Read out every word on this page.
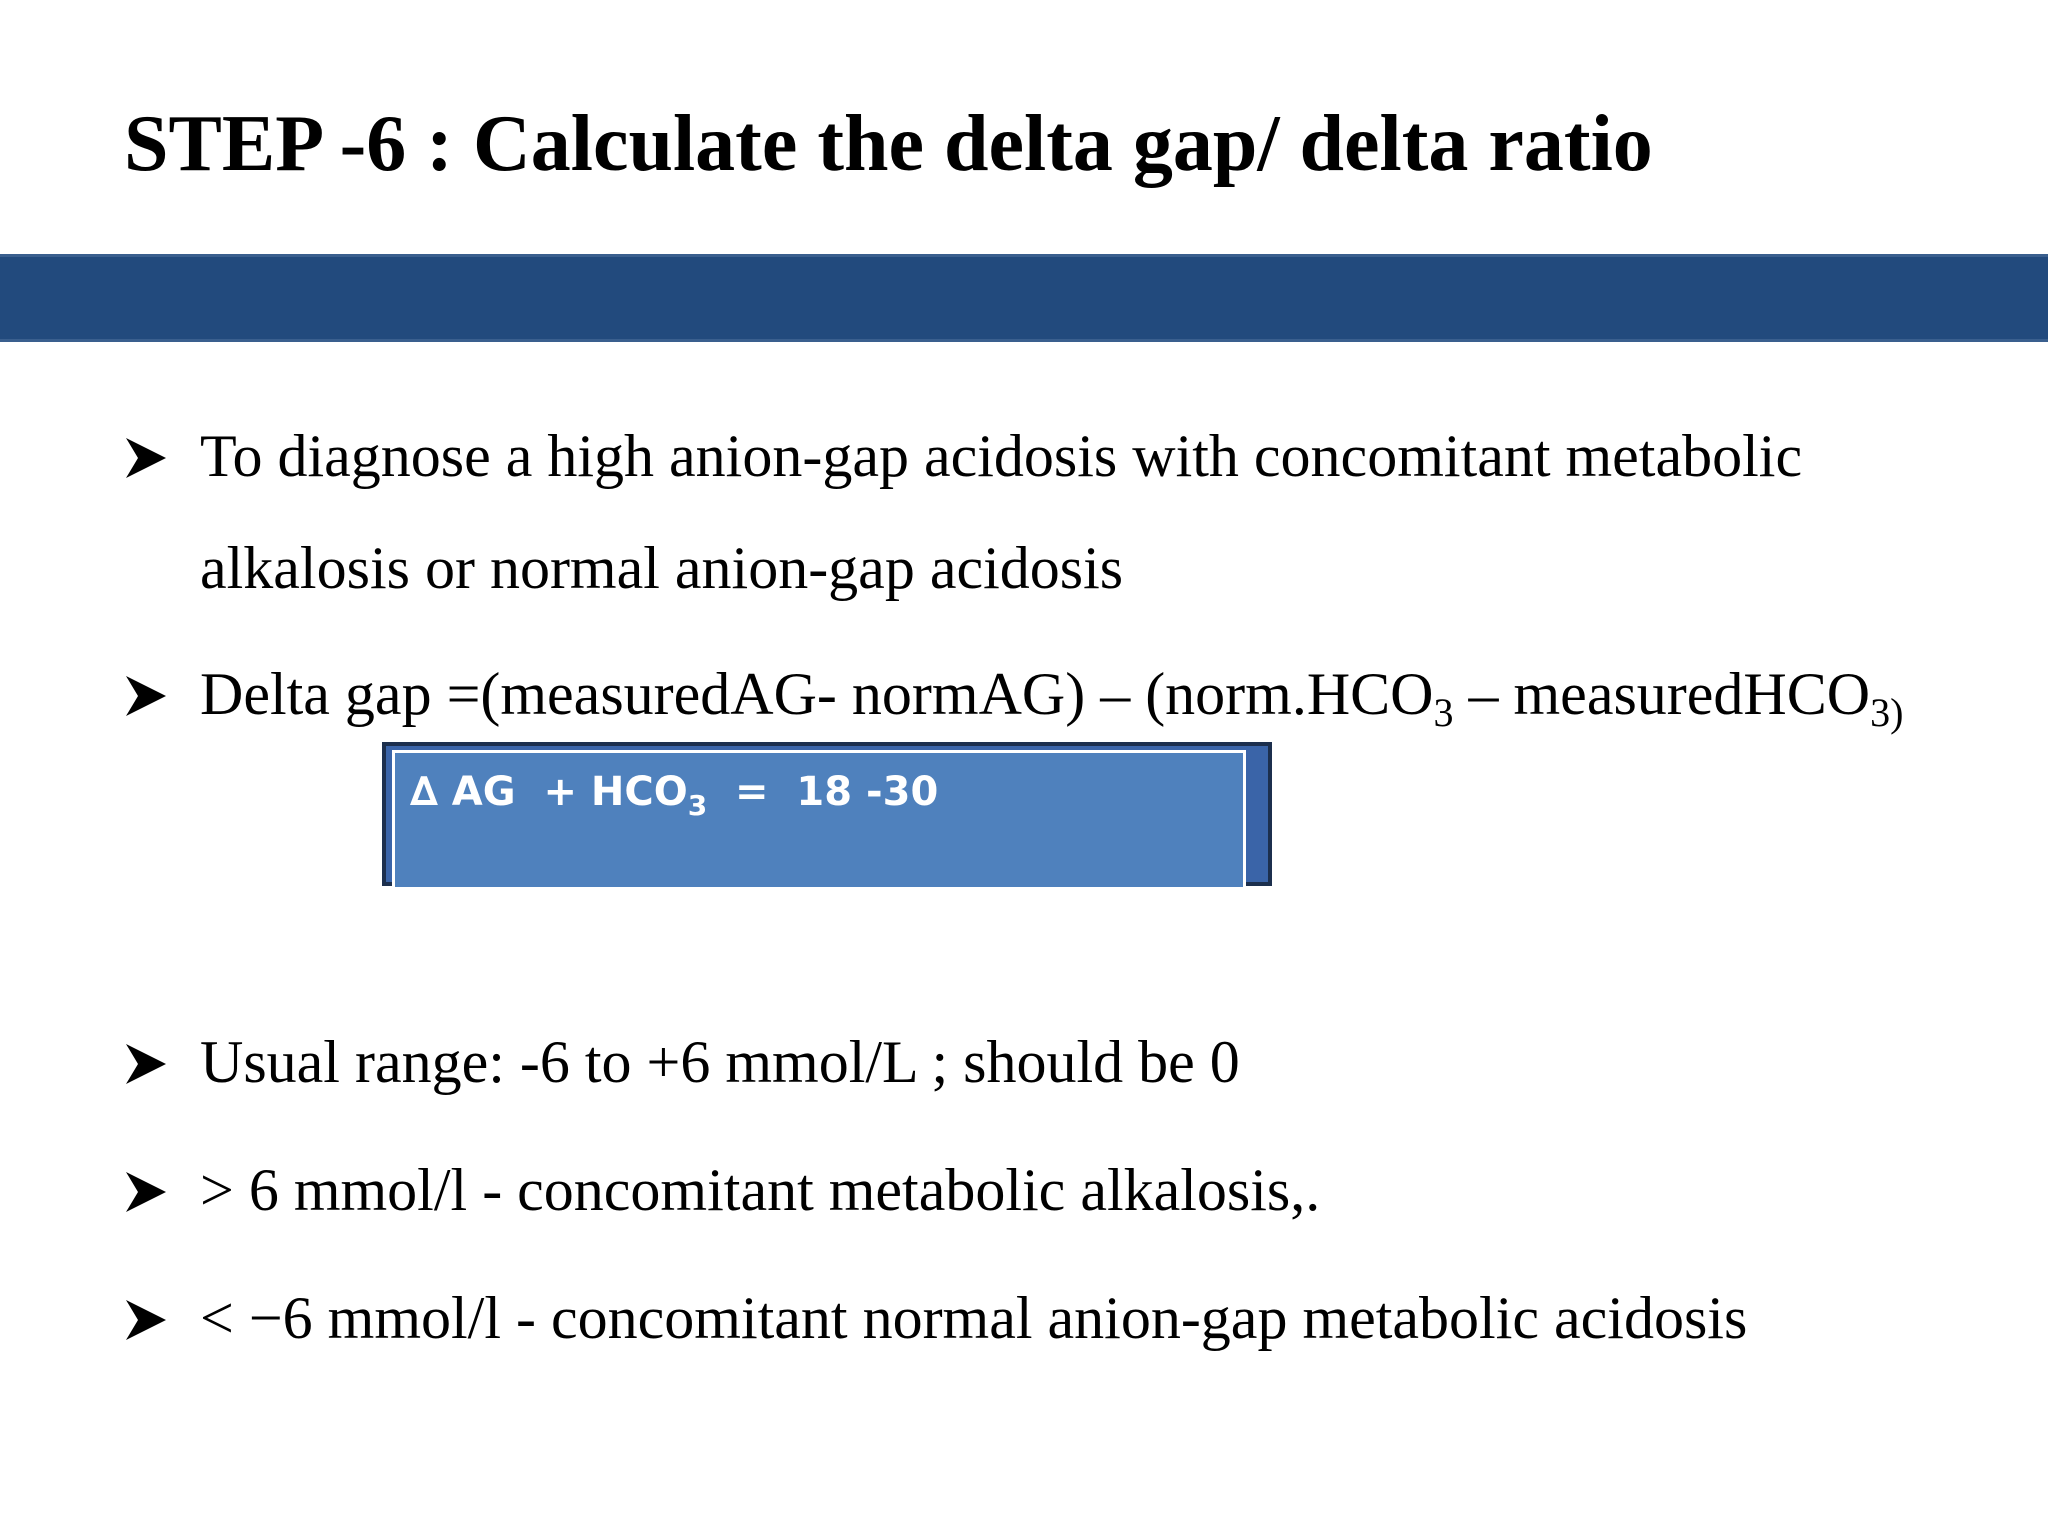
STEP -6 : Calculate the delta gap/ delta ratio
To diagnose a high anion-gap acidosis with concomitant metabolic
alkalosis or normal anion-gap acidosis
Delta gap =(measuredAG- normAG) – ($norm.HCO_3$ – measuredHCO$_{3)}$
∆ AG  + $HCO_3 = 18$ -30
Usual range: -6 to +6 mmol/L ; should be 0
> 6 mmol/l - concomitant metabolic alkalosis,.
< −6 mmol/l - concomitant normal anion-gap metabolic acidosis
